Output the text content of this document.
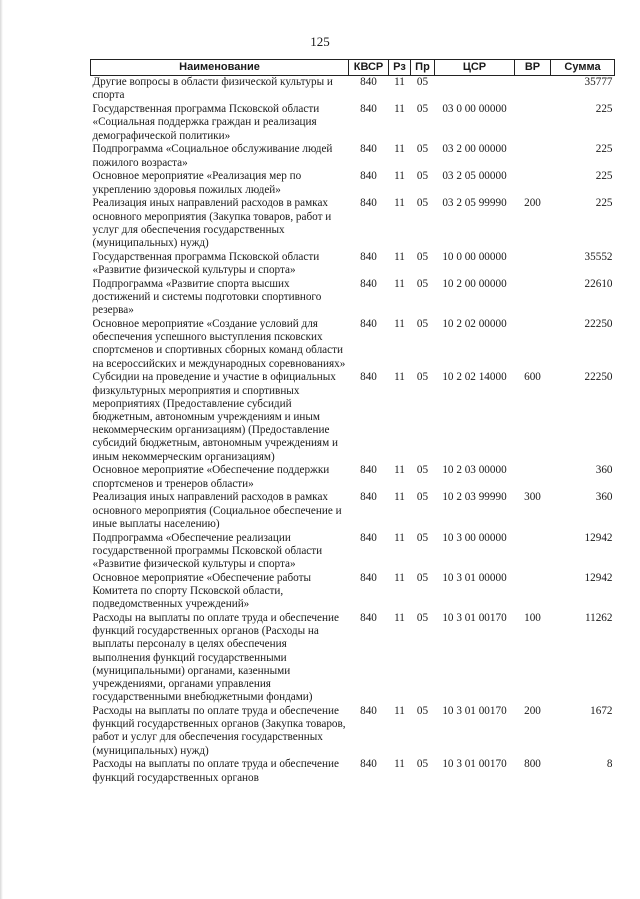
125
Наименование	КВСР	Рз	Пр	ЦСР	ВР	Сумма
Другие вопросы в области физической культуры и спорта	840	11	05			35777
Государственная программа Псковской области «Социальная поддержка граждан и реализация демографической политики»	840	11	05	03 0 00 00000		225
Подпрограмма «Социальное обслуживание людей пожилого возраста»	840	11	05	03 2 00 00000		225
Основное мероприятие «Реализация мер по укреплению здоровья пожилых людей»	840	11	05	03 2 05 00000		225
Реализация иных направлений расходов в рамках основного мероприятия (Закупка товаров, работ и услуг для обеспечения государственных (муниципальных) нужд)	840	11	05	03 2 05 99990	200	225
Государственная программа Псковской области «Развитие физической культуры и спорта»	840	11	05	10 0 00 00000		35552
Подпрограмма «Развитие спорта высших достижений и системы подготовки спортивного резерва»	840	11	05	10 2 00 00000		22610
Основное мероприятие «Создание условий для обеспечения успешного выступления псковских спортсменов и спортивных сборных команд области на всероссийских и международных соревнованиях»	840	11	05	10 2 02 00000		22250
Субсидии на проведение и участие в официальных физкультурных мероприятия и спортивных мероприятиях (Предоставление субсидий бюджетным, автономным учреждениям и иным некоммерческим организациям) (Предоставление субсидий бюджетным, автономным учреждениям и иным некоммерческим организациям)	840	11	05	10 2 02 14000	600	22250
Основное мероприятие «Обеспечение поддержки спортсменов и тренеров области»	840	11	05	10 2 03 00000		360
Реализация иных направлений расходов в рамках основного мероприятия (Социальное обеспечение и иные выплаты населению)	840	11	05	10 2 03 99990	300	360
Подпрограмма «Обеспечение реализации государственной программы Псковской области «Развитие физической культуры и спорта»	840	11	05	10 3 00 00000		12942
Основное мероприятие «Обеспечение работы Комитета по спорту Псковской области, подведомственных учреждений»	840	11	05	10 3 01 00000		12942
Расходы на выплаты по оплате труда и обеспечение функций государственных органов (Расходы на выплаты персоналу в целях обеспечения выполнения функций государственными (муниципальными) органами, казенными учреждениями, органами управления государственными внебюджетными фондами)	840	11	05	10 3 01 00170	100	11262
Расходы на выплаты по оплате труда и обеспечение функций государственных органов (Закупка товаров, работ и услуг для обеспечения государственных (муниципальных) нужд)	840	11	05	10 3 01 00170	200	1672
Расходы на выплаты по оплате труда и обеспечение функций государственных органов	840	11	05	10 3 01 00170	800	8
